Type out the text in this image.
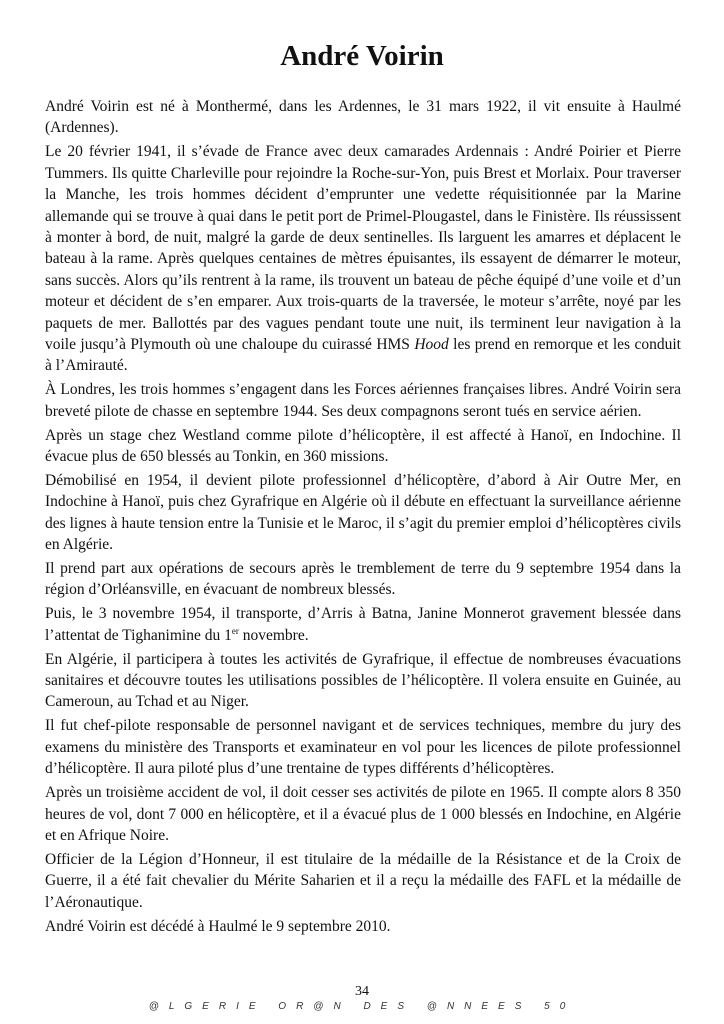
André Voirin

André Voirin est né à Monthermé, dans les Ardennes, le 31 mars 1922, il vit ensuite à Haulmé (Ardennes).

Le 20 février 1941, il s’évade de France avec deux camarades Ardennais : André Poirier et Pierre Tummers. Ils quitte Charleville pour rejoindre la Roche-sur-Yon, puis Brest et Morlaix. Pour traverser la Manche, les trois hommes décident d’emprunter une vedette réquisitionnée par la Marine allemande qui se trouve à quai dans le petit port de Primel-Plougastel, dans le Finistère. Ils réussissent à monter à bord, de nuit, malgré la garde de deux sentinelles. Ils larguent les amarres et déplacent le bateau à la rame. Après quelques centaines de mètres épuisantes, ils essayent de démarrer le moteur, sans succès. Alors qu’ils rentrent à la rame, ils trouvent un bateau de pêche équipé d’une voile et d’un moteur et décident de s’en emparer. Aux trois-quarts de la traversée, le moteur s’arrête, noyé par les paquets de mer. Ballottés par des vagues pendant toute une nuit, ils terminent leur navigation à la voile jusqu’à Plymouth où une chaloupe du cuirassé HMS Hood les prend en remorque et les conduit à l’Amirauté.

À Londres, les trois hommes s’engagent dans les Forces aériennes françaises libres. André Voirin sera breveté pilote de chasse en septembre 1944. Ses deux compagnons seront tués en service aérien.

Après un stage chez Westland comme pilote d’hélicoptère, il est affecté à Hanoï, en Indochine. Il évacue plus de 650 blessés au Tonkin, en 360 missions.

Démobilisé en 1954, il devient pilote professionnel d’hélicoptère, d’abord à Air Outre Mer, en Indochine à Hanoï, puis chez Gyrafrique en Algérie où il débute en effectuant la surveillance aérienne des lignes à haute tension entre la Tunisie et le Maroc, il s’agit du premier emploi d’hélicoptères civils en Algérie.

Il prend part aux opérations de secours après le tremblement de terre du 9 septembre 1954 dans la région d’Orléansville, en évacuant de nombreux blessés.

Puis, le 3 novembre 1954, il transporte, d’Arris à Batna, Janine Monnerot gravement blessée dans l’attentat de Tighanimine du 1er novembre.

En Algérie, il participera à toutes les activités de Gyrafrique, il effectue de nombreuses évacuations sanitaires et découvre toutes les utilisations possibles de l’hélicoptère. Il volera ensuite en Guinée, au Cameroun, au Tchad et au Niger.

Il fut chef-pilote responsable de personnel navigant et de services techniques, membre du jury des examens du ministère des Transports et examinateur en vol pour les licences de pilote professionnel d’hélicoptère. Il aura piloté plus d’une trentaine de types différents d’hélicoptères.

Après un troisième accident de vol, il doit cesser ses activités de pilote en 1965. Il compte alors 8 350 heures de vol, dont 7 000 en hélicoptère, et il a évacué plus de 1 000 blessés en Indochine, en Algérie et en Afrique Noire.

Officier de la Légion d’Honneur, il est titulaire de la médaille de la Résistance et de la Croix de Guerre, il a été fait chevalier du Mérite Saharien et il a reçu la médaille des FAFL et la médaille de l’Aéronautique.

André Voirin est décédé à Haulmé le 9 septembre 2010.

34
@LGERIE OR@N DES @NNEES 50
